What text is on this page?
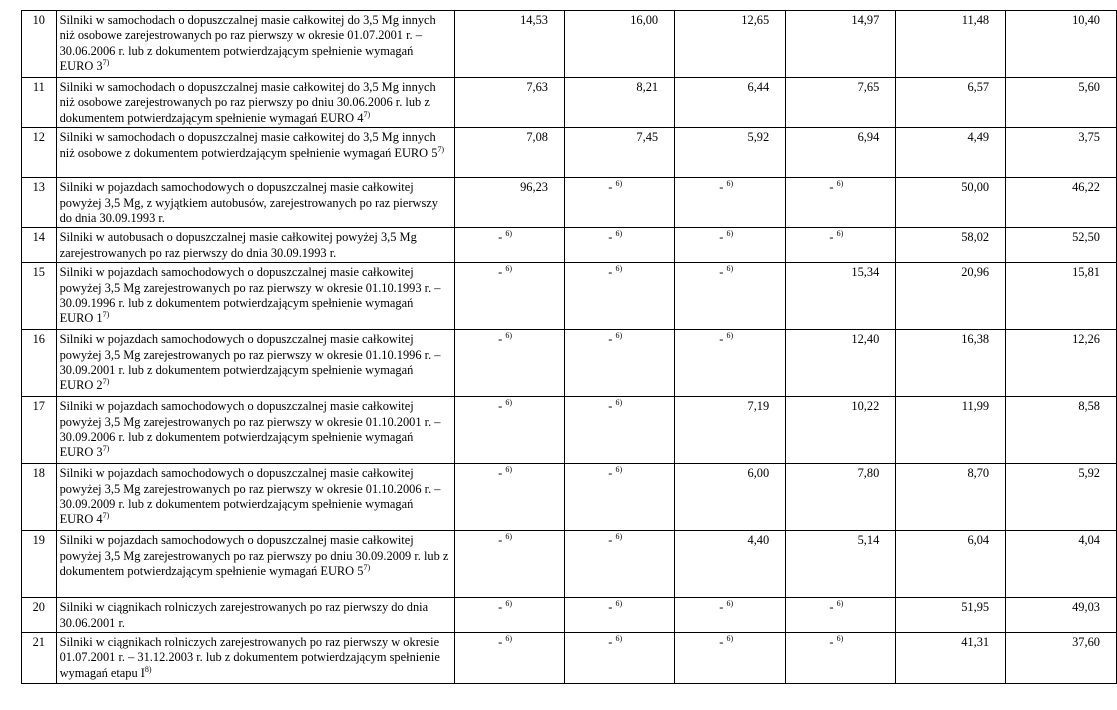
10	Silniki w samochodach o dopuszczalnej masie całkowitej do 3,5 Mg innych niż osobowe zarejestrowanych po raz pierwszy w okresie 01.07.2001 r. – 30.06.2006 r. lub z dokumentem potwierdzającym spełnienie wymagań EURO 3$^{7)}$	14,53	16,00	12,65	14,97	11,48	10,40
11	Silniki w samochodach o dopuszczalnej masie całkowitej do 3,5 Mg innych niż osobowe zarejestrowanych po raz pierwszy po dniu 30.06.2006 r. lub z dokumentem potwierdzającym spełnienie wymagań EURO 4$^{7)}$	7,63	8,21	6,44	7,65	6,57	5,60
12	Silniki w samochodach o dopuszczalnej masie całkowitej do 3,5 Mg innych niż osobowe z dokumentem potwierdzającym spełnienie wymagań EURO 5$^{7)}$	7,08	7,45	5,92	6,94	4,49	3,75
13	Silniki w pojazdach samochodowych o dopuszczalnej masie całkowitej powyżej 3,5 Mg, z wyjątkiem autobusów, zarejestrowanych po raz pierwszy do dnia 30.09.1993 r.	96,23	- $^{6)}$	- $^{6)}$	- $^{6)}$	50,00	46,22
14	Silniki w autobusach o dopuszczalnej masie całkowitej powyżej 3,5 Mg zarejestrowanych po raz pierwszy do dnia 30.09.1993 r.	- $^{6)}$	- $^{6)}$	- $^{6)}$	- $^{6)}$	58,02	52,50
15	Silniki w pojazdach samochodowych o dopuszczalnej masie całkowitej powyżej 3,5 Mg zarejestrowanych po raz pierwszy w okresie 01.10.1993 r. – 30.09.1996 r. lub z dokumentem potwierdzającym spełnienie wymagań EURO 1$^{7)}$	- $^{6)}$	- $^{6)}$	- $^{6)}$	15,34	20,96	15,81
16	Silniki w pojazdach samochodowych o dopuszczalnej masie całkowitej powyżej 3,5 Mg zarejestrowanych po raz pierwszy w okresie 01.10.1996 r. – 30.09.2001 r. lub z dokumentem potwierdzającym spełnienie wymagań EURO 2$^{7)}$	- $^{6)}$	- $^{6)}$	- $^{6)}$	12,40	16,38	12,26
17	Silniki w pojazdach samochodowych o dopuszczalnej masie całkowitej powyżej 3,5 Mg zarejestrowanych po raz pierwszy w okresie 01.10.2001 r. – 30.09.2006 r. lub z dokumentem potwierdzającym spełnienie wymagań EURO 3$^{7)}$	- $^{6)}$	- $^{6)}$	7,19	10,22	11,99	8,58
18	Silniki w pojazdach samochodowych o dopuszczalnej masie całkowitej powyżej 3,5 Mg zarejestrowanych po raz pierwszy w okresie 01.10.2006 r. – 30.09.2009 r. lub z dokumentem potwierdzającym spełnienie wymagań EURO 4$^{7)}$	- $^{6)}$	- $^{6)}$	6,00	7,80	8,70	5,92
19	Silniki w pojazdach samochodowych o dopuszczalnej masie całkowitej powyżej 3,5 Mg zarejestrowanych po raz pierwszy po dniu 30.09.2009 r. lub z dokumentem potwierdzającym spełnienie wymagań EURO 5$^{7)}$	- $^{6)}$	- $^{6)}$	4,40	5,14	6,04	4,04
20	Silniki w ciągnikach rolniczych zarejestrowanych po raz pierwszy do dnia 30.06.2001 r.	- $^{6)}$	- $^{6)}$	- $^{6)}$	- $^{6)}$	51,95	49,03
21	Silniki w ciągnikach rolniczych zarejestrowanych po raz pierwszy w okresie 01.07.2001 r. – 31.12.2003 r. lub z dokumentem potwierdzającym spełnienie wymagań etapu $I^{8)}$	- $^{6)}$	- $^{6)}$	- $^{6)}$	- $^{6)}$	41,31	37,60
